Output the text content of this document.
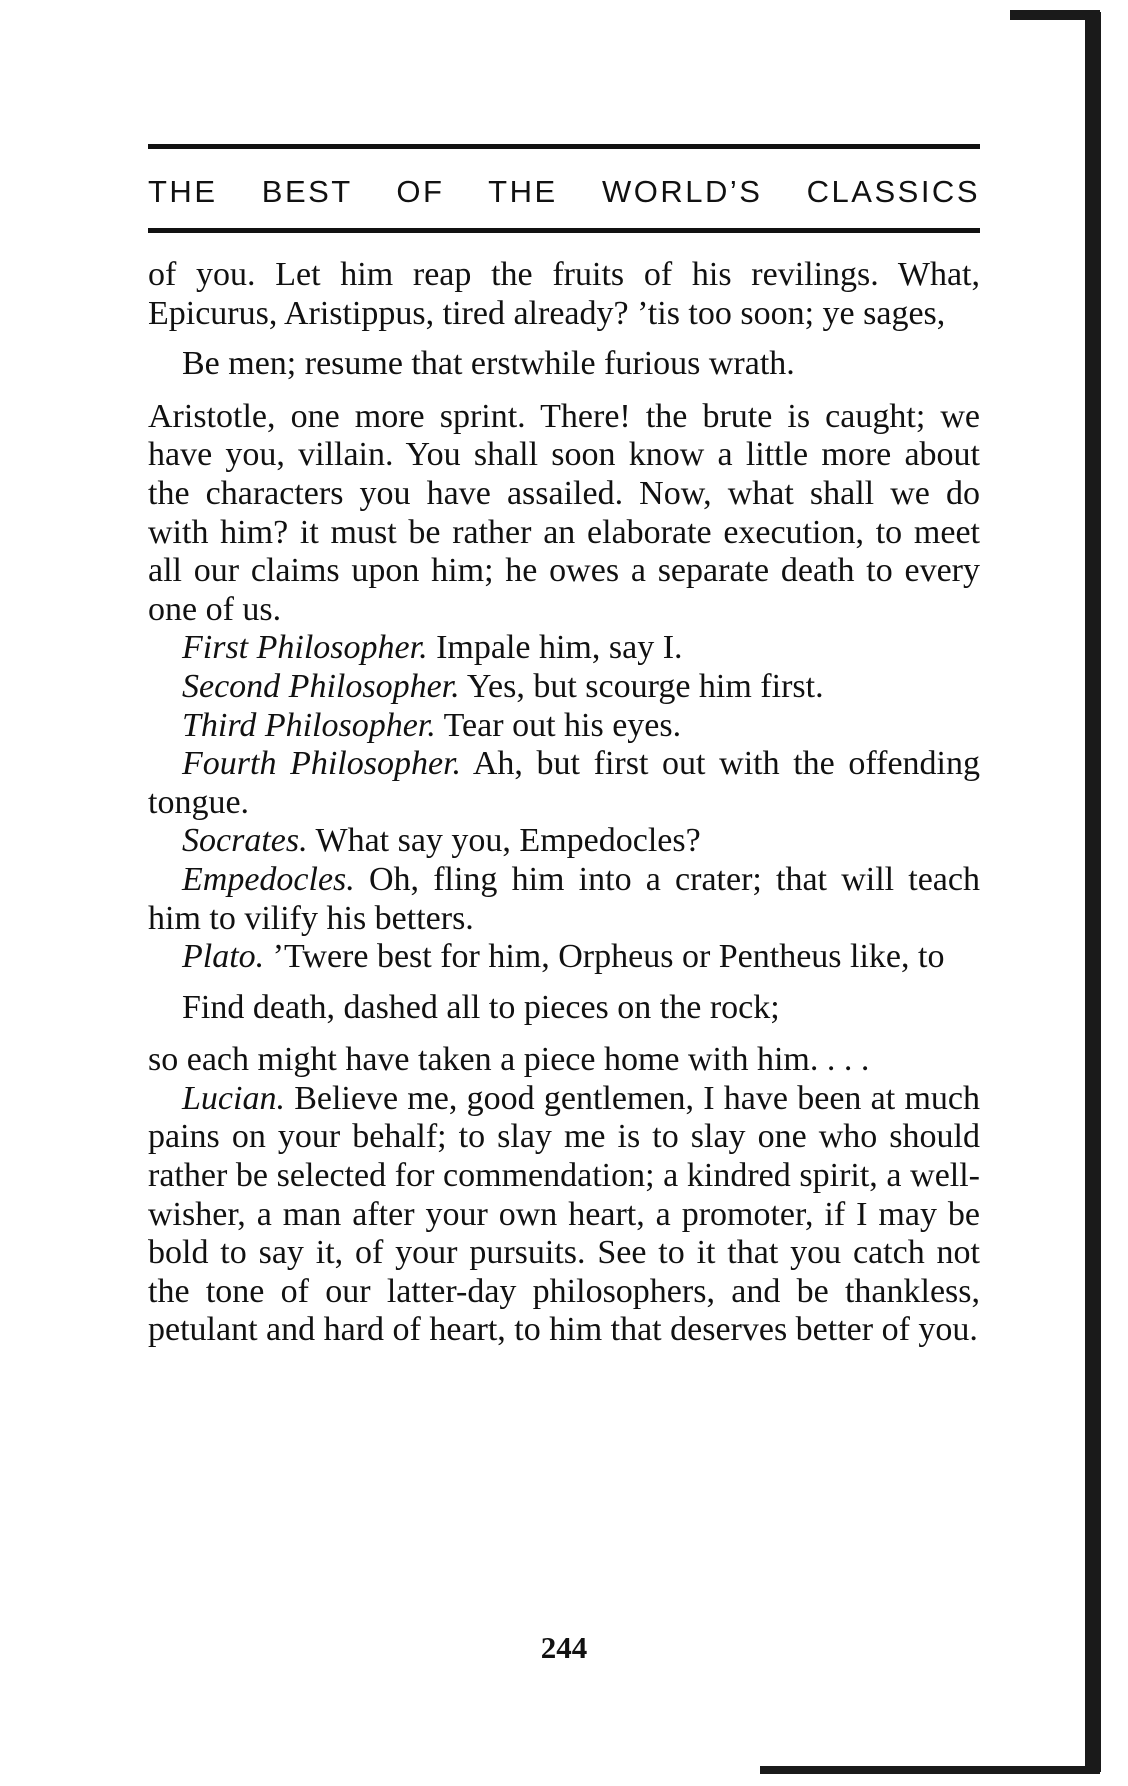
THE BEST OF THE WORLD’S CLASSICS

of you. Let him reap the fruits of his revilings. What, Epicurus, Aristippus, tired already? ’tis too soon; ye sages,

Be men; resume that erstwhile furious wrath.

Aristotle, one more sprint. There! the brute is caught; we have you, villain. You shall soon know a little more about the characters you have assailed. Now, what shall we do with him? it must be rather an elaborate execution, to meet all our claims upon him; he owes a separate death to every one of us.

First Philosopher. Impale him, say I.

Second Philosopher. Yes, but scourge him first.

Third Philosopher. Tear out his eyes.

Fourth Philosopher. Ah, but first out with the offending tongue.

Socrates. What say you, Empedocles?

Empedocles. Oh, fling him into a crater; that will teach him to vilify his betters.

Plato. ’Twere best for him, Orpheus or Pentheus like, to

Find death, dashed all to pieces on the rock;

so each might have taken a piece home with him. . . .

Lucian. Believe me, good gentlemen, I have been at much pains on your behalf; to slay me is to slay one who should rather be selected for commendation; a kindred spirit, a well-wisher, a man after your own heart, a promoter, if I may be bold to say it, of your pursuits. See to it that you catch not the tone of our latter-day philosophers, and be thankless, petulant and hard of heart, to him that deserves better of you.

244
